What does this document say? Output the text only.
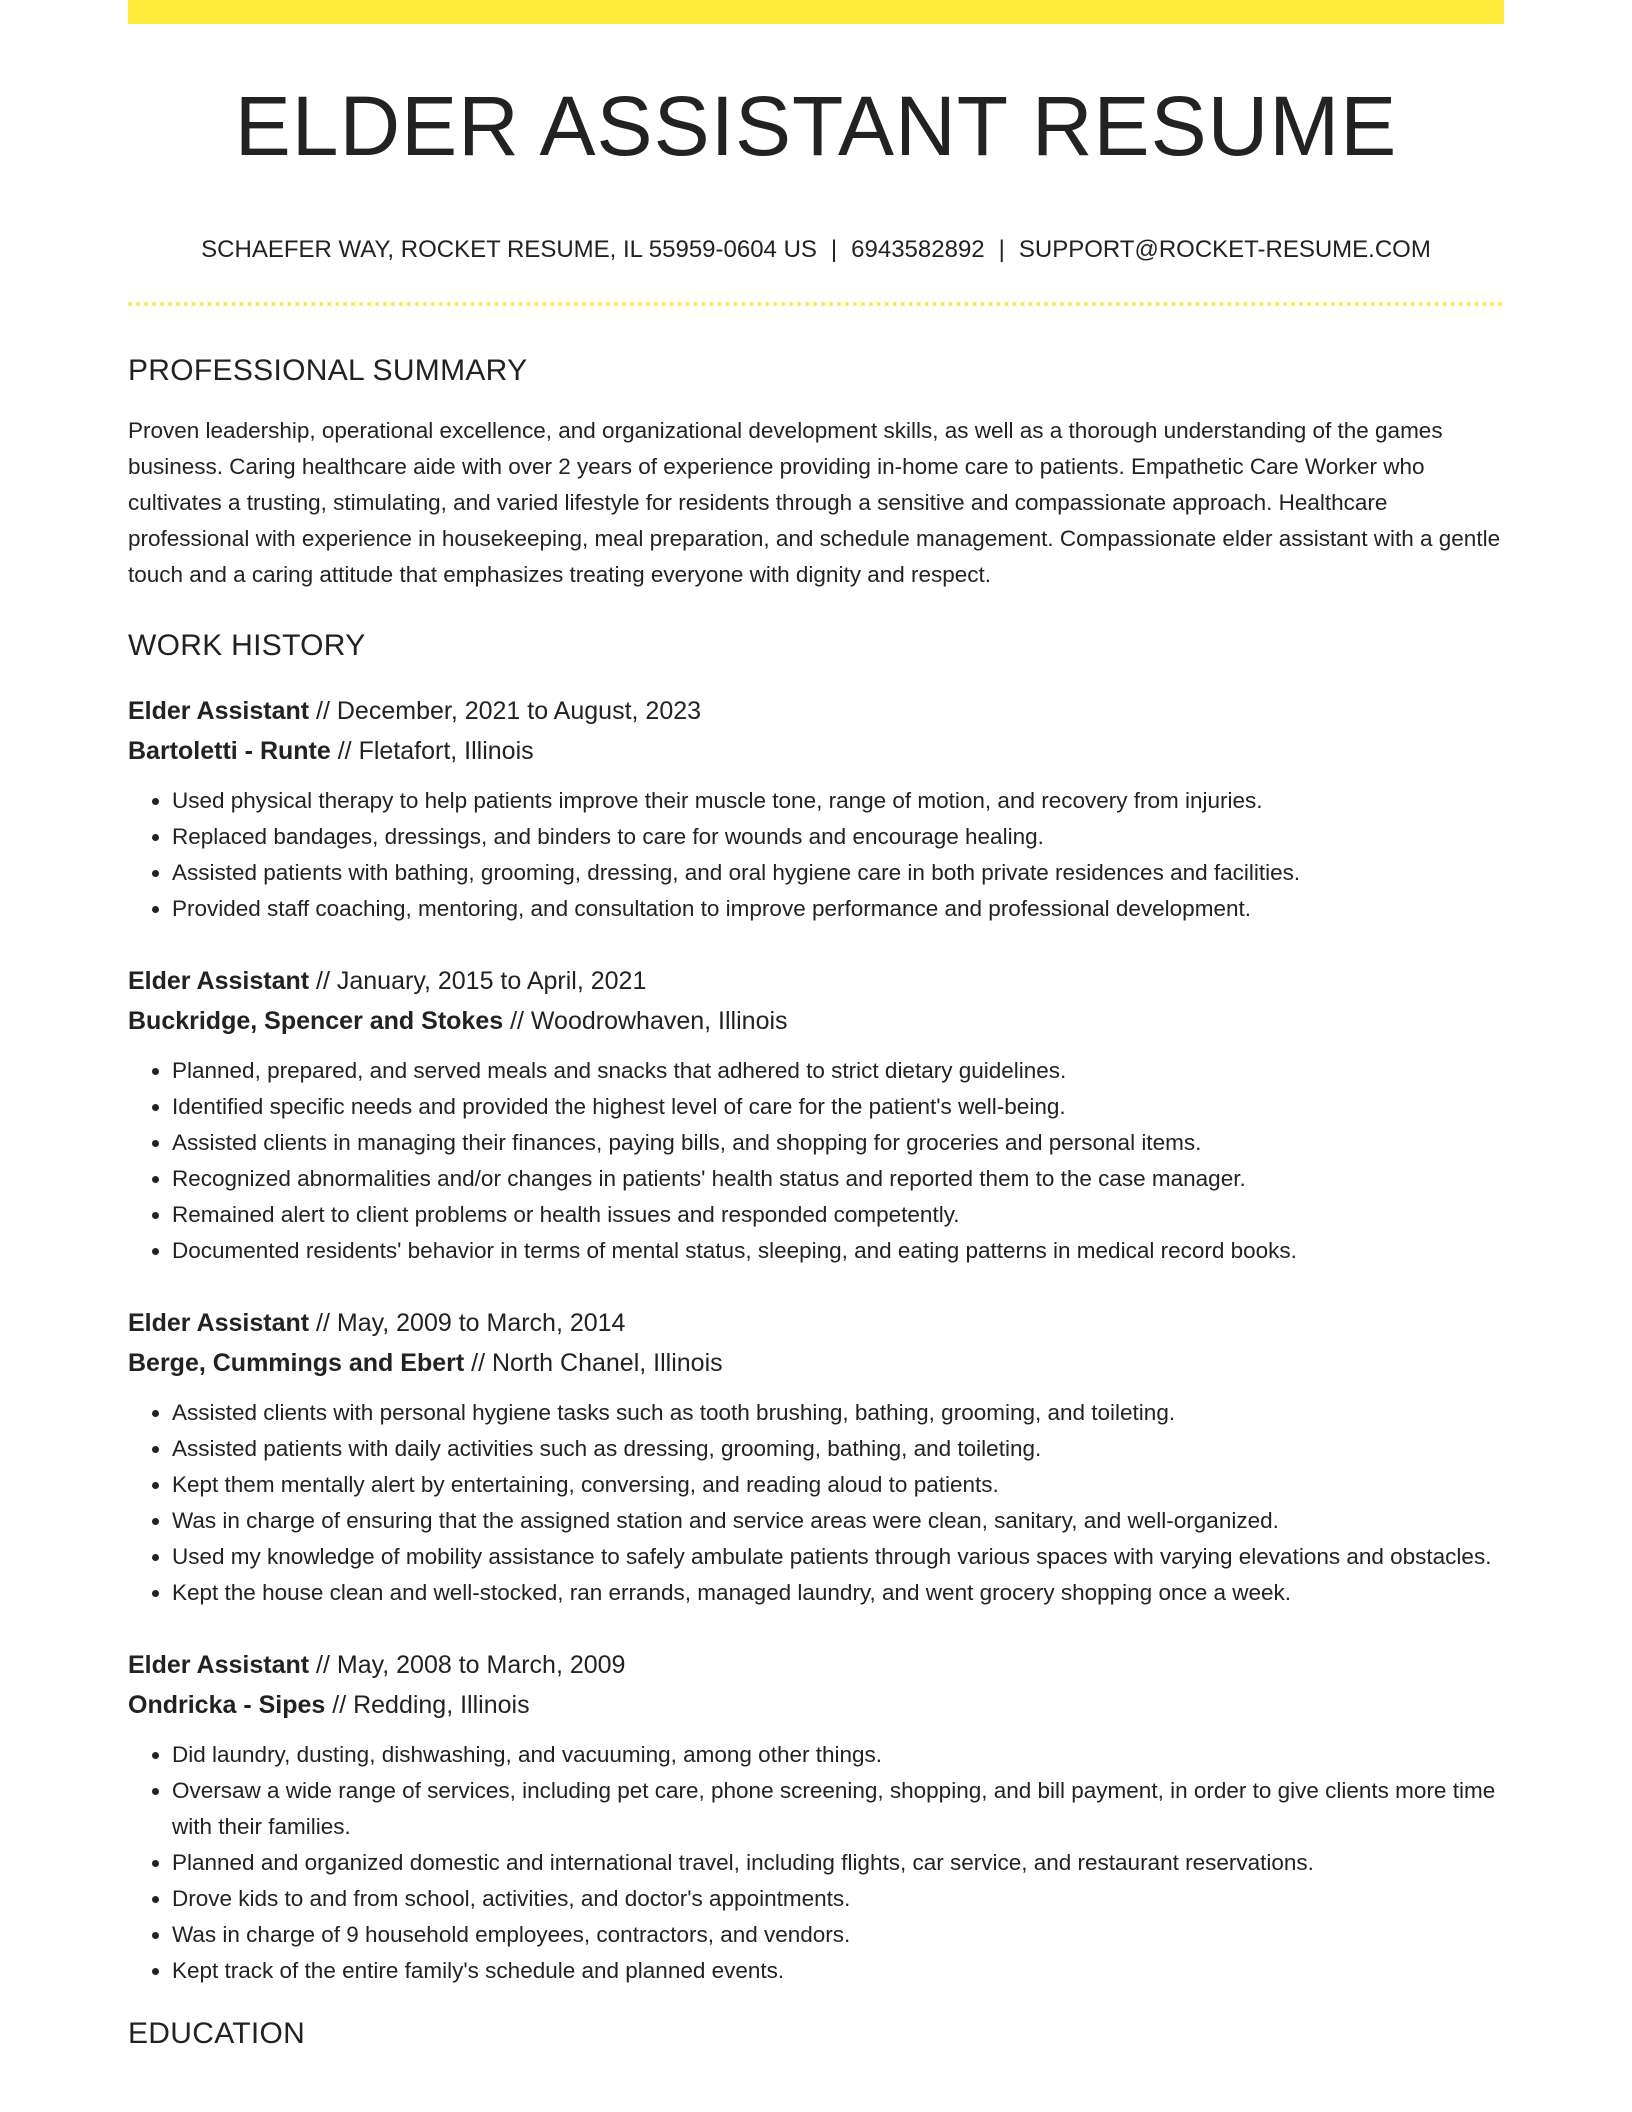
ELDER ASSISTANT RESUME
SCHAEFER WAY, ROCKET RESUME, IL 55959-0604 US | 6943582892 | SUPPORT@ROCKET-RESUME.COM
PROFESSIONAL SUMMARY
Proven leadership, operational excellence, and organizational development skills, as well as a thorough understanding of the games business. Caring healthcare aide with over 2 years of experience providing in-home care to patients. Empathetic Care Worker who cultivates a trusting, stimulating, and varied lifestyle for residents through a sensitive and compassionate approach. Healthcare professional with experience in housekeeping, meal preparation, and schedule management. Compassionate elder assistant with a gentle touch and a caring attitude that emphasizes treating everyone with dignity and respect.
WORK HISTORY
Elder Assistant // December, 2021 to August, 2023
Bartoletti - Runte // Fletafort, Illinois
• Used physical therapy to help patients improve their muscle tone, range of motion, and recovery from injuries.
• Replaced bandages, dressings, and binders to care for wounds and encourage healing.
• Assisted patients with bathing, grooming, dressing, and oral hygiene care in both private residences and facilities.
• Provided staff coaching, mentoring, and consultation to improve performance and professional development.
Elder Assistant // January, 2015 to April, 2021
Buckridge, Spencer and Stokes // Woodrowhaven, Illinois
• Planned, prepared, and served meals and snacks that adhered to strict dietary guidelines.
• Identified specific needs and provided the highest level of care for the patient's well-being.
• Assisted clients in managing their finances, paying bills, and shopping for groceries and personal items.
• Recognized abnormalities and/or changes in patients' health status and reported them to the case manager.
• Remained alert to client problems or health issues and responded competently.
• Documented residents' behavior in terms of mental status, sleeping, and eating patterns in medical record books.
Elder Assistant // May, 2009 to March, 2014
Berge, Cummings and Ebert // North Chanel, Illinois
• Assisted clients with personal hygiene tasks such as tooth brushing, bathing, grooming, and toileting.
• Assisted patients with daily activities such as dressing, grooming, bathing, and toileting.
• Kept them mentally alert by entertaining, conversing, and reading aloud to patients.
• Was in charge of ensuring that the assigned station and service areas were clean, sanitary, and well-organized.
• Used my knowledge of mobility assistance to safely ambulate patients through various spaces with varying elevations and obstacles.
• Kept the house clean and well-stocked, ran errands, managed laundry, and went grocery shopping once a week.
Elder Assistant // May, 2008 to March, 2009
Ondricka - Sipes // Redding, Illinois
• Did laundry, dusting, dishwashing, and vacuuming, among other things.
• Oversaw a wide range of services, including pet care, phone screening, shopping, and bill payment, in order to give clients more time with their families.
• Planned and organized domestic and international travel, including flights, car service, and restaurant reservations.
• Drove kids to and from school, activities, and doctor's appointments.
• Was in charge of 9 household employees, contractors, and vendors.
• Kept track of the entire family's schedule and planned events.
EDUCATION
